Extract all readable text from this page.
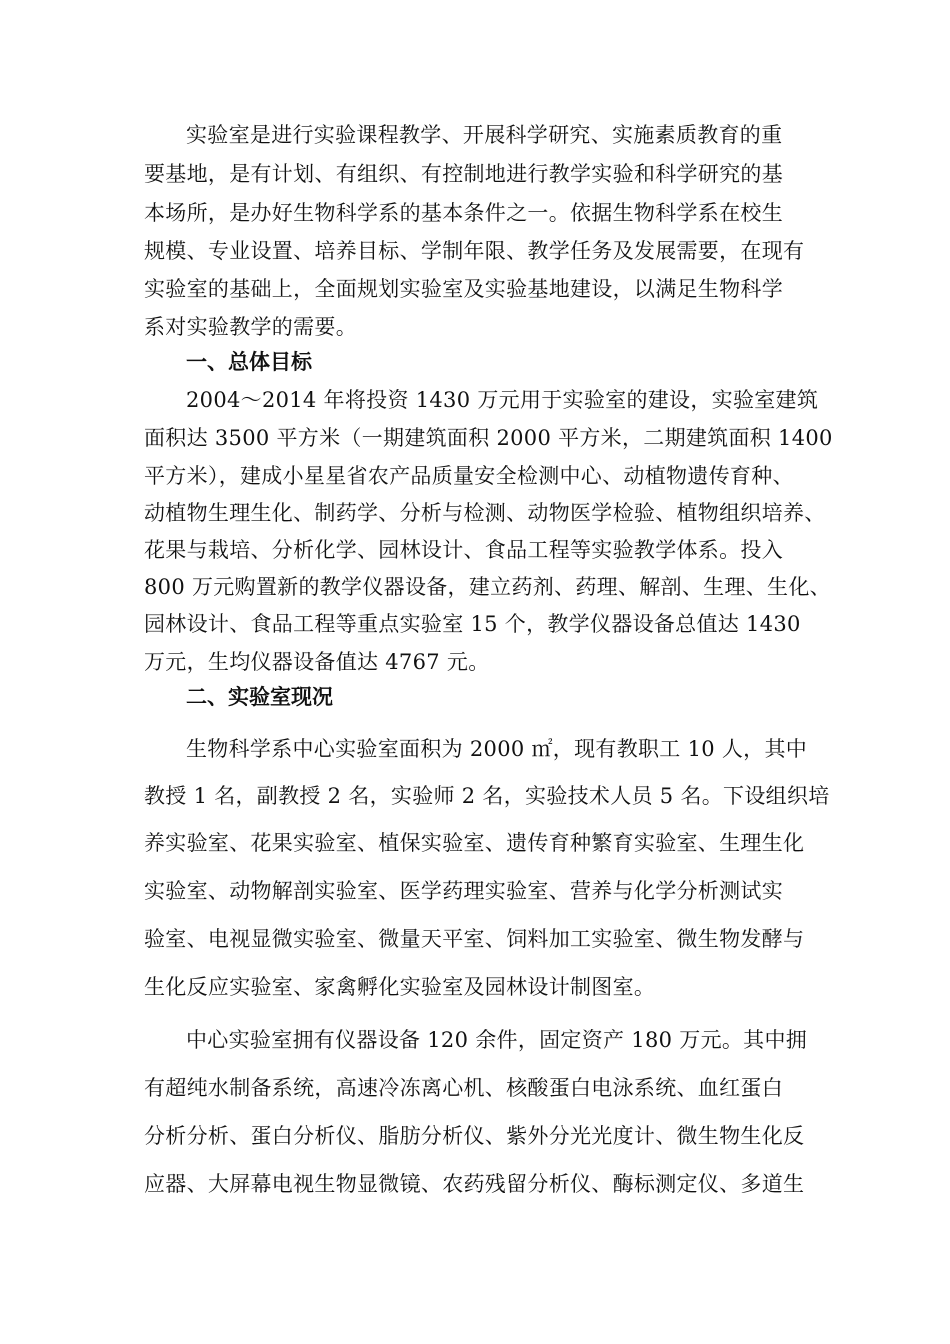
实验室是进行实验课程教学、开展科学研究、实施素质教育的重
要基地，是有计划、有组织、有控制地进行教学实验和科学研究的基
本场所，是办好生物科学系的基本条件之一。依据生物科学系在校生
规模、专业设置、培养目标、学制年限、教学任务及发展需要，在现有
实验室的基础上，全面规划实验室及实验基地建设，以满足生物科学
系对实验教学的需要。
一、总体目标
2004～2014 年将投资 1430 万元用于实验室的建设，实验室建筑
面积达 3500 平方米（一期建筑面积 2000 平方米，二期建筑面积 1400
平方米），建成小星星省农产品质量安全检测中心、动植物遗传育种、
动植物生理生化、制药学、分析与检测、动物医学检验、植物组织培养、
花果与栽培、分析化学、园林设计、食品工程等实验教学体系。投入
800 万元购置新的教学仪器设备，建立药剂、药理、解剖、生理、生化、
园林设计、食品工程等重点实验室 15 个，教学仪器设备总值达 1430
万元，生均仪器设备值达 4767 元。
二、实验室现况
生物科学系中心实验室面积为 2000 ㎡，现有教职工 10 人，其中
教授 1 名，副教授 2 名，实验师 2 名，实验技术人员 5 名。下设组织培
养实验室、花果实验室、植保实验室、遗传育种繁育实验室、生理生化
实验室、动物解剖实验室、医学药理实验室、营养与化学分析测试实
验室、电视显微实验室、微量天平室、饲料加工实验室、微生物发酵与
生化反应实验室、家禽孵化实验室及园林设计制图室。
中心实验室拥有仪器设备 120 余件，固定资产 180 万元。其中拥
有超纯水制备系统，高速冷冻离心机、核酸蛋白电泳系统、血红蛋白
分析分析、蛋白分析仪、脂肪分析仪、紫外分光光度计、微生物生化反
应器、大屏幕电视生物显微镜、农药残留分析仪、酶标测定仪、多道生
